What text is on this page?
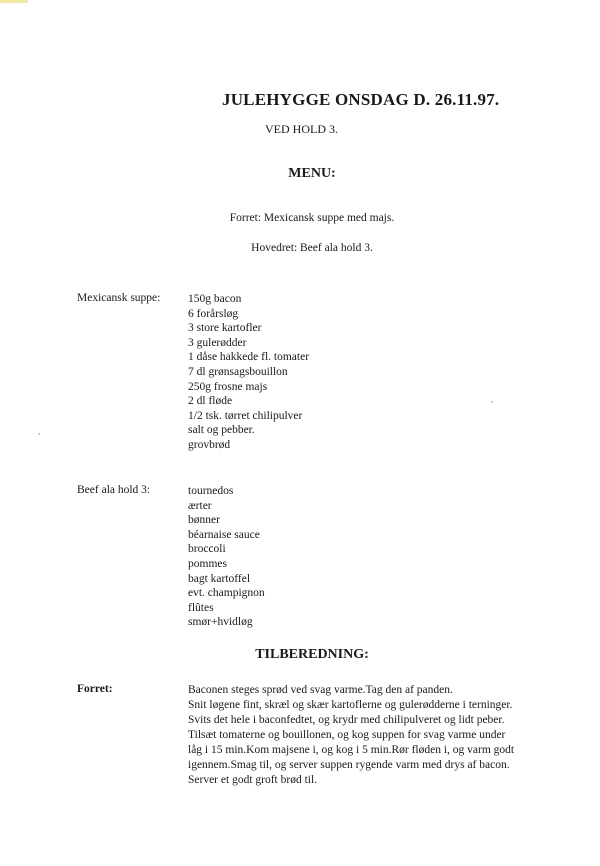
JULEHYGGE ONSDAG D. 26.11.97.
VED HOLD 3.
MENU:
Forret: Mexicansk suppe med majs.
Hovedret: Beef ala hold 3.
Mexicansk suppe: 150g bacon
6 forårsløg
3 store kartofler
3 gulerødder
1 dåse hakkede fl. tomater
7 dl grønsagsbouillon
250g frosne majs
2 dl fløde
1/2 tsk. tørret chilipulver
salt og pebber.
grovbrød
Beef ala hold 3:	tournedos
ærter
bønner
béarnaise sauce
broccoli
pommes
bagt kartoffel
evt. champignon
flûtes
smør+hvidløg
TILBEREDNING:
Forret:	Baconen steges sprød ved svag varme.Tag den af panden.
Snit løgene fint, skræl og skær kartoflerne og gulerødderne i terninger.
Svits det hele i baconfedtet, og krydr med chilipulveret og lidt peber.
Tilsæt tomaterne og bouillonen, og kog suppen for svag varme under
låg i 15 min.Kom majsene i, og kog i 5 min.Rør fløden i, og varm godt
igennem.Smag til, og server suppen rygende varm med drys af bacon.
Server et godt groft brød til.
